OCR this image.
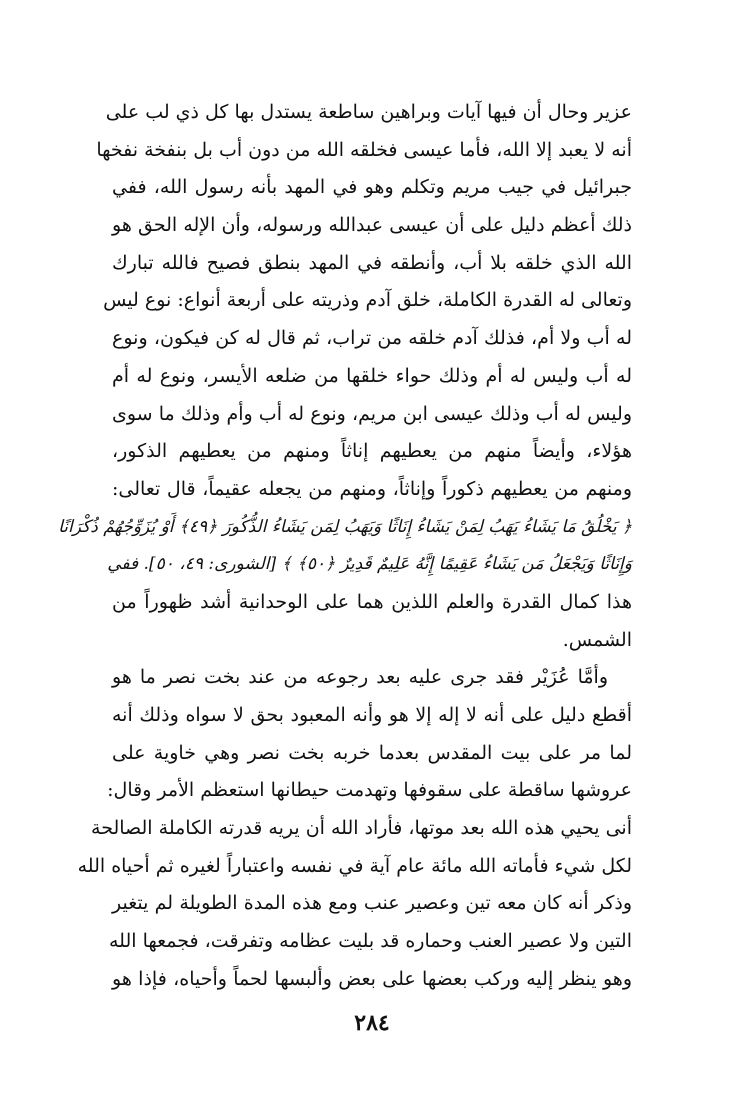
عزير وحال أن فيها آيات وبراهين ساطعة يستدل بها كل ذي لب على
أنه لا يعبد إلا الله، فأما عيسى فخلقه الله من دون أب بل بنفخة نفخها
جبرائيل في جيب مريم وتكلم وهو في المهد بأنه رسول الله، ففي
ذلك أعظم دليل على أن عيسى عبدالله ورسوله، وأن الإله الحق هو
الله الذي خلقه بلا أب، وأنطقه في المهد بنطق فصيح فالله تبارك
وتعالى له القدرة الكاملة، خلق آدم وذريته على أربعة أنواع: نوع ليس
له أب ولا أم، فذلك آدم خلقه من تراب، ثم قال له كن فيكون، ونوع
له أب وليس له أم وذلك حواء خلقها من ضلعه الأيسر، ونوع له أم
وليس له أب وذلك عيسى ابن مريم، ونوع له أب وأم وذلك ما سوى
هؤلاء، وأيضاً منهم من يعطيهم إناثاً ومنهم من يعطيهم الذكور،
ومنهم من يعطيهم ذكوراً وإناثاً، ومنهم من يجعله عقيماً، قال تعالى:
﴿ يَخْلُقُ مَا يَشَاءُ يَهَبُ لِمَنْ يَشَاءُ إِنَاثًا وَيَهَبُ لِمَن يَشَاءُ الذُّكُورَ ﴿٤٩﴾ أَوْ يُزَوِّجُهُمْ ذُكْرَانًا
وَإِنَاثًا وَيَجْعَلُ مَن يَشَاءُ عَقِيمًا إِنَّهُ عَلِيمٌ قَدِيرٌ ﴿٥٠﴾ ﴾ [الشورى: ٤٩، ٥٠]. ففي
هذا كمال القدرة والعلم اللذين هما على الوحدانية أشد ظهوراً من
الشمس.
وأمَّا عُزَيْر فقد جرى عليه بعد رجوعه من عند بخت نصر ما هو
أقطع دليل على أنه لا إله إلا هو وأنه المعبود بحق لا سواه وذلك أنه
لما مر على بيت المقدس بعدما خربه بخت نصر وهي خاوية على
عروشها ساقطة على سقوفها وتهدمت حيطانها استعظم الأمر وقال:
أنى يحيي هذه الله بعد موتها، فأراد الله أن يريه قدرته الكاملة الصالحة
لكل شيء فأماته الله مائة عام آية في نفسه واعتباراً لغيره ثم أحياه الله
وذكر أنه كان معه تين وعصير عنب ومع هذه المدة الطويلة لم يتغير
التين ولا عصير العنب وحماره قد بليت عظامه وتفرقت، فجمعها الله
وهو ينظر إليه وركب بعضها على بعض وألبسها لحماً وأحياه، فإذا هو
٢٨٤
